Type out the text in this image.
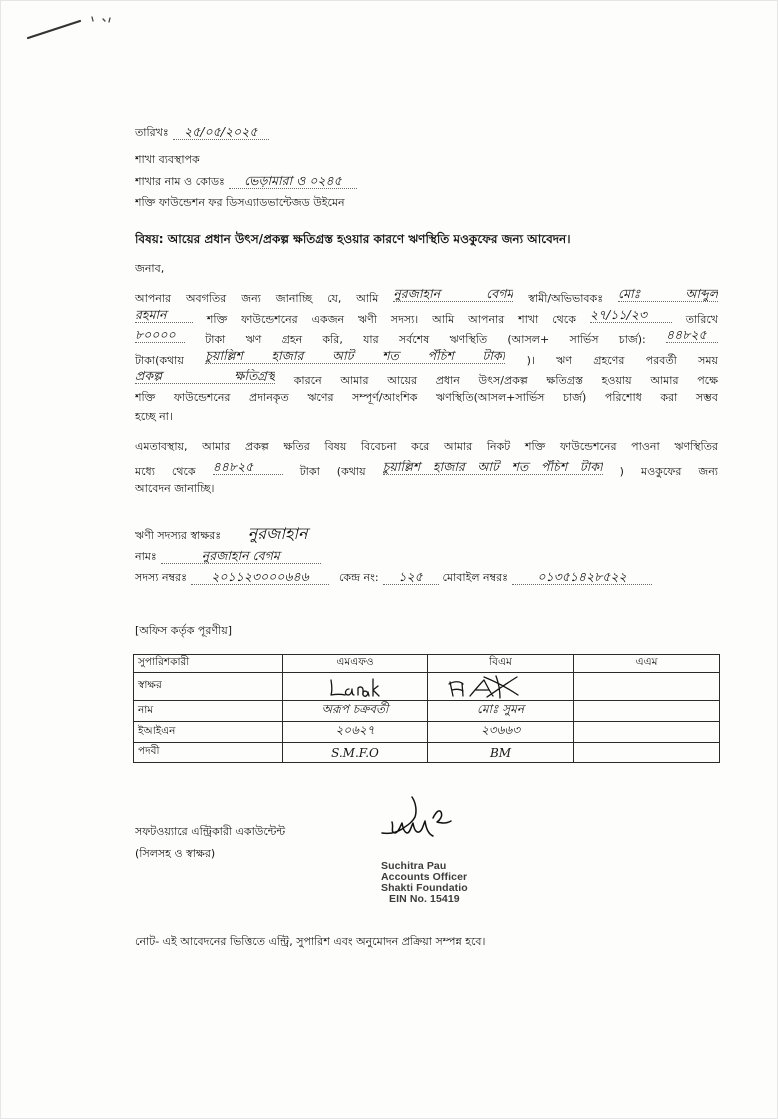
তারিখঃ	২৫/০৫/২০২৫
শাখা ব্যবস্থাপক
শাখার নাম ও কোডঃ	ভেড়ামারা ও ০২৪৫
শক্তি ফাউন্ডেশন ফর ডিসএ্যাডভান্টেজড উইমেন
বিষয়: আয়ের প্রধান উৎস/প্রকল্প ক্ষতিগ্রস্ত হওয়ার কারণে ঋণস্থিতি মওকুফের জন্য আবেদন।
জনাব,
আপনার অবগতির জন্য জানাচ্ছি যে, আমি নুরজাহান বেগম স্বামী/অভিভাবকঃ মোঃ আব্দুল
রহমান	শক্তি ফাউন্ডেশনের একজন ঋণী সদস্য। আমি আপনার শাখা থেকে ২৭/১১/২৩	তারিখে
৮০০০০	টাকা ঋণ গ্রহন করি, যার সর্বশেষ ঋণস্থিতি (আসল+ সার্ভিস চার্জ): ৪৪৮২৫
টাকা(কথায় চুয়াল্লিশ হাজার আট শত পঁচিশ টাকা )। ঋণ গ্রহণের পরবর্তী সময়
প্রকল্প ক্ষতিগ্রস্থ কারনে আমার আয়ের প্রধান উৎস/প্রকল্প ক্ষতিগ্রস্ত হওয়ায় আমার পক্ষে
শক্তি ফাউন্ডেশনের প্রদানকৃত ঋণের সম্পূর্ণ/আংশিক ঋণস্থিতি(আসল+সার্ভিস চার্জ) পরিশোধ করা সম্ভব
হচ্ছে না।
এমতাবস্থায়, আমার প্রকল্প ক্ষতির বিষয় বিবেচনা করে আমার নিকট শক্তি ফাউন্ডেশনের পাওনা ঋণস্থিতির
মধ্যে থেকে ৪৪৮২৫	টাকা (কথায় চুয়াল্লিশ হাজার আট শত পঁচিশ টাকা ) মওকুফের জন্য
আবেদন জানাচ্ছি।
ঋণী সদস্যর স্বাক্ষরঃ	নুরজাহান
নামঃ	নুরজাহান বেগম
সদস্য নম্বরঃ	২০১১২৩০০০৬৪৬	কেন্দ্র নং:	১২৫	মোবাইল নম্বরঃ	০১৩৫১৪২৮৫২২
[অফিস কর্তৃক পূরণীয়]
সুপারিশকারী	এমএফও	বিএম	এএম
স্বাক্ষর			
নাম	অরূপ চক্রবর্তী	মোঃ সুমন	
ইআইএন	২০৬২৭	২৩৬৬৩	
পদবী	S.M.F.O	BM	
সফটওয়্যারে এন্ট্রিকারী একাউন্টেন্ট
(সিলসহ ও স্বাক্ষর)
Suchitra Pau
Accounts Officer
Shakti Foundatio
EIN No. 15419
নোট- এই আবেদনের ভিত্তিতে এন্ট্রি, সুপারিশ এবং অনুমোদন প্রক্রিয়া সম্পন্ন হবে।
